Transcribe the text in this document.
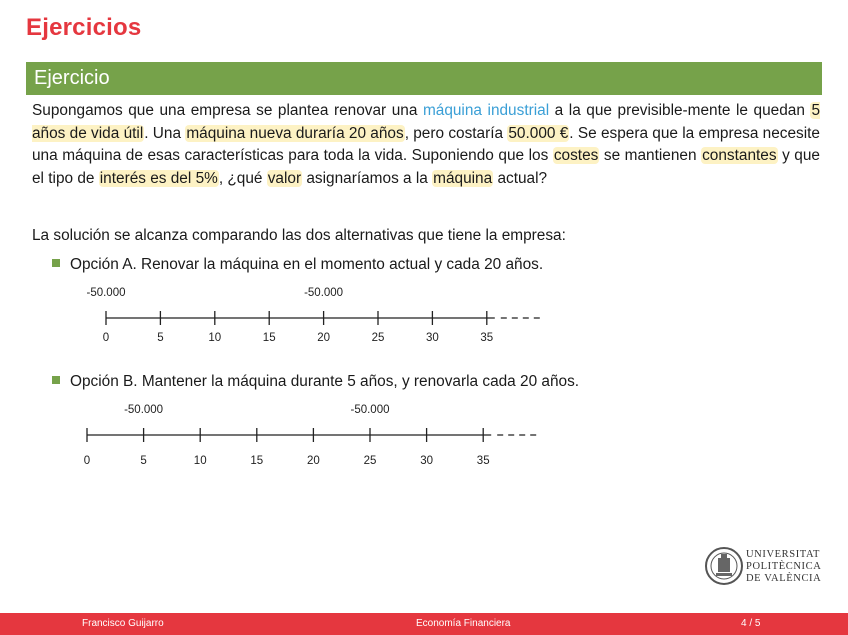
Ejercicios
Ejercicio
Supongamos que una empresa se plantea renovar una máquina industrial a la que previsible-mente le quedan 5 años de vida útil. Una máquina nueva duraría 20 años, pero costaría 50.000 €. Se espera que la empresa necesite una máquina de esas características para toda la vida. Suponiendo que los costes se mantienen constantes y que el tipo de interés es del 5%, ¿qué valor asignaríamos a la máquina actual?
La solución se alcanza comparando las dos alternativas que tiene la empresa:
Opción A. Renovar la máquina en el momento actual y cada 20 años.
0	5	10	15	20	25	30	35
-50.000	-50.000
Opción B. Mantener la máquina durante 5 años, y renovarla cada 20 años.
0	5	10	15	20	25	30	35
-50.000	-50.000
UNIVERSITAT
POLITÈCNICA
DE VALÈNCIA
Francisco Guijarro	Economía Financiera	4 / 5
